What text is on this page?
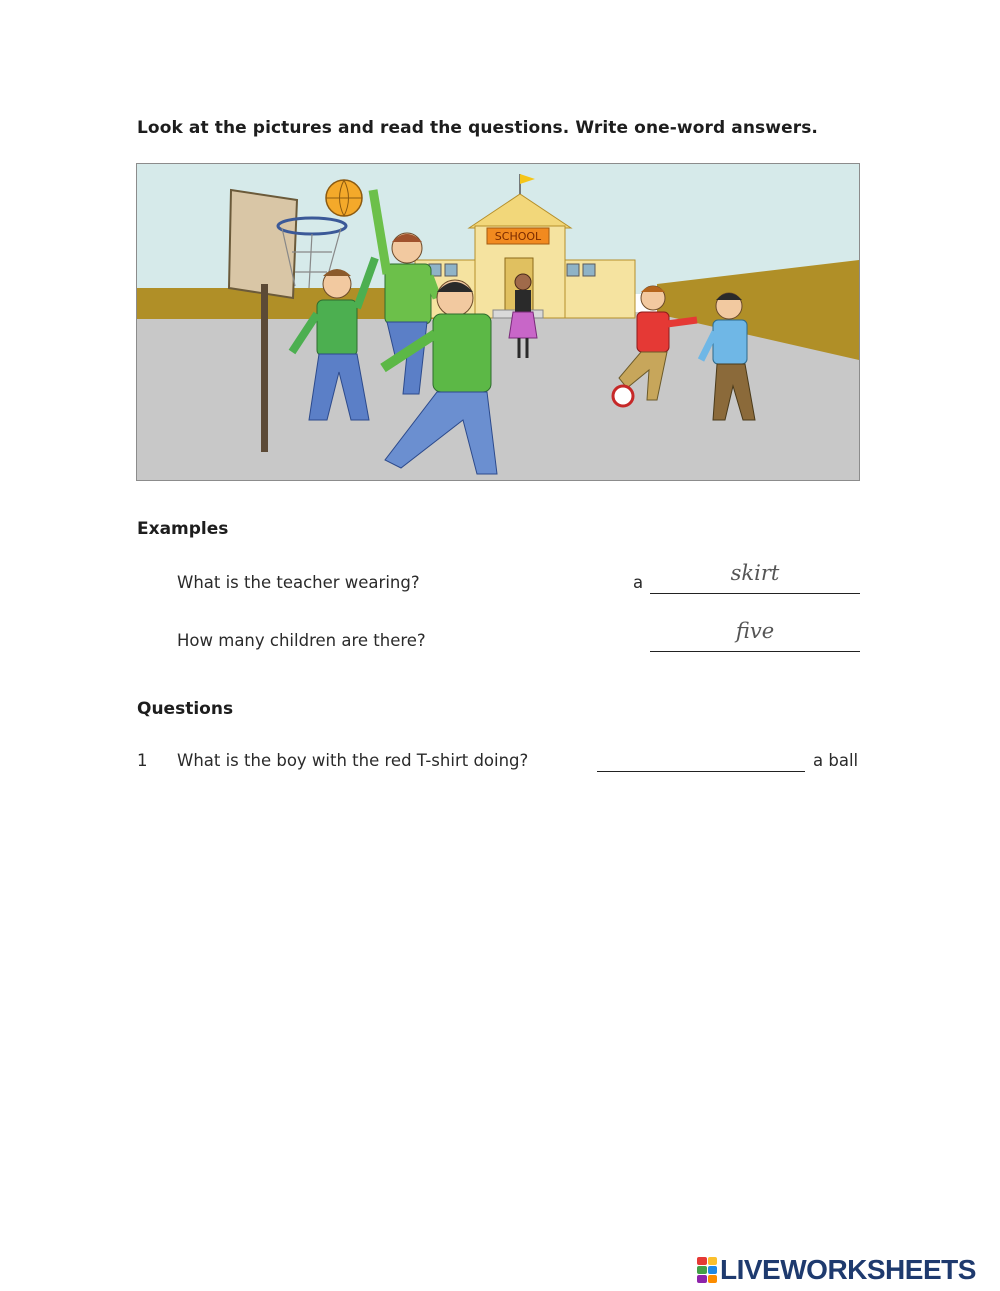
Look at the pictures and read the questions. Write one-word answers.
SCHOOL
Examples
What is the teacher wearing?	a	skirt
How many children are there?	five
Questions
1 What is the boy with the red T-shirt doing?	a ball
LIVEWORKSHEETS
